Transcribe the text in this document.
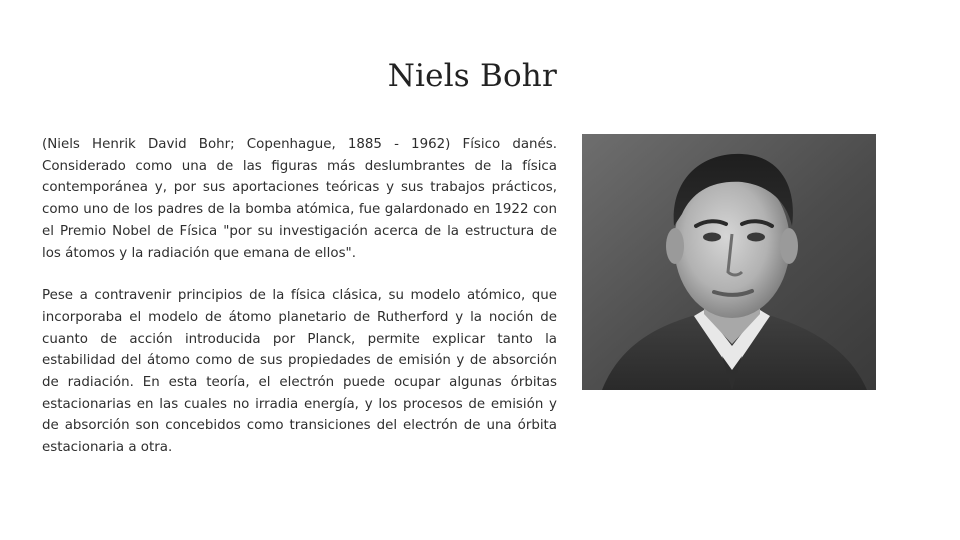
Niels Bohr

(Niels Henrik David Bohr; Copenhague, 1885 - 1962) Físico danés. Considerado como una de las figuras más deslumbrantes de la física contemporánea y, por sus aportaciones teóricas y sus trabajos prácticos, como uno de los padres de la bomba atómica, fue galardonado en 1922 con el Premio Nobel de Física "por su investigación acerca de la estructura de los átomos y la radiación que emana de ellos".

Pese a contravenir principios de la física clásica, su modelo atómico, que incorporaba el modelo de átomo planetario de Rutherford y la noción de cuanto de acción introducida por Planck, permite explicar tanto la estabilidad del átomo como de sus propiedades de emisión y de absorción de radiación. En esta teoría, el electrón puede ocupar algunas órbitas estacionarias en las cuales no irradia energía, y los procesos de emisión y de absorción son concebidos como transiciones del electrón de una órbita estacionaria a otra.
